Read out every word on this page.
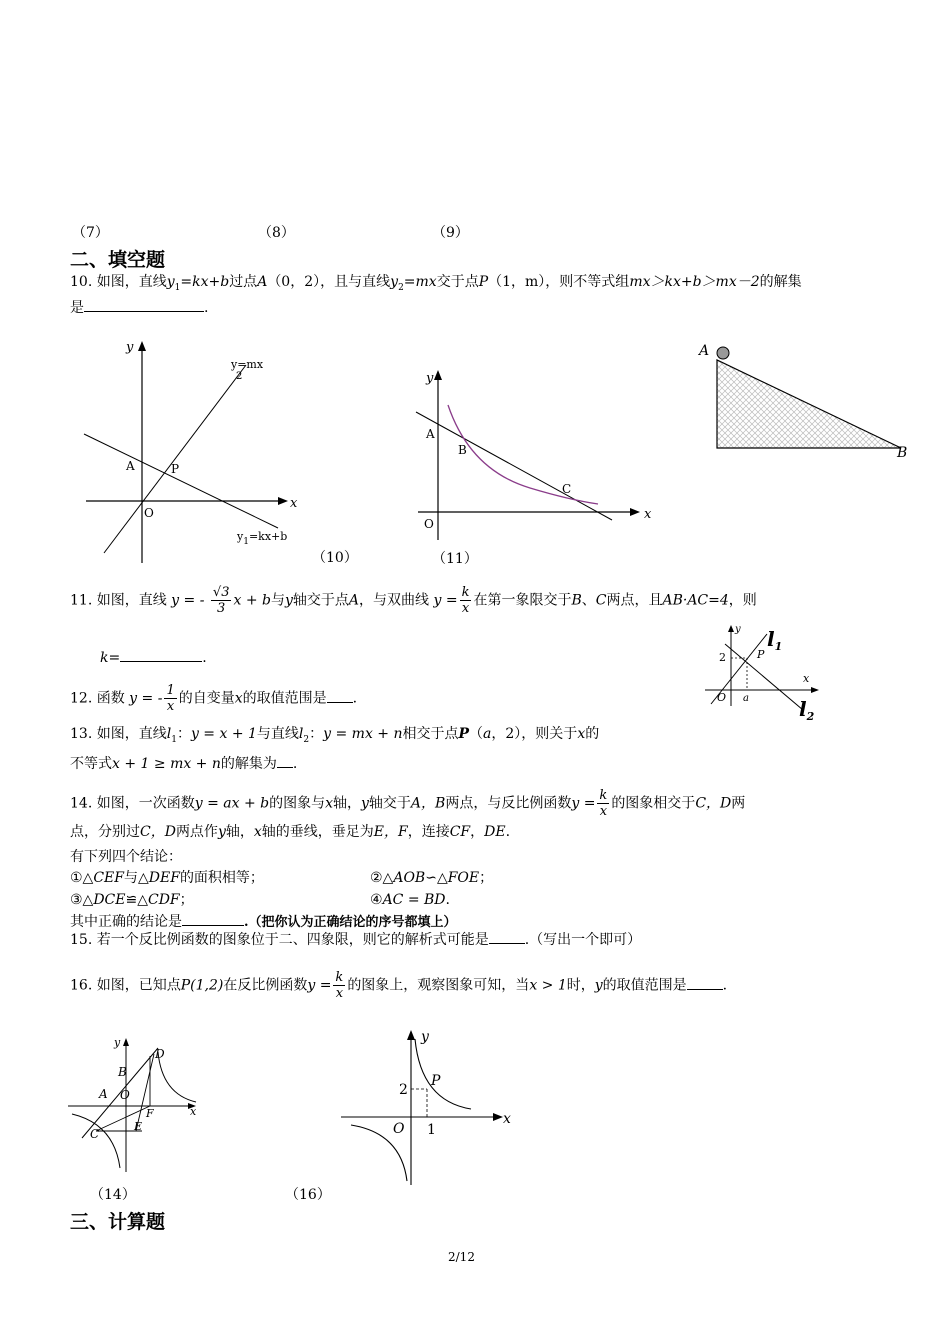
（7）	（8）	（9）
二、填空题
10. 如图，直线$y_1=kx+b$过点A（0，2），且与直线$y_2=mx$交于点P（1，m），则不等式组mx＞kx+b＞mx－2的解集
是	.
y
x
O
A	P
y=mx
2
$y_1=kx+b$
（10）
y
x
O
A
B
C
（11）
A
B
11. 如图，直线 y = - $\frac{√3}{3}$ x + b与y轴交于点A，与双曲线 $y = \frac{k}{x}$ 在第一象限交于B、C两点，且AB·AC=4，则
k=	.
y
x
2	P
O a
$l_1$
$l_2$
12. 函数 y = - $\frac{1}{x}$ 的自变量x的取值范围是 .
13. 如图，直线$l_1$：y = x + 1与直线$l_2$：y = mx + n相交于点P（a，2），则关于x的
不等式x + 1 ≥ mx + n的解集为 .
14. 如图，一次函数y = ax + b的图象与x轴，y轴交于A，B两点，与反比例函数$y = \frac{k}{x}$ 的图象相交于C，D两
点，分别过C，D两点作y轴，x轴的垂线，垂足为E，F，连接CF，DE.
有下列四个结论：
①△CEF与△DEF的面积相等；	②△AOB∽△FOE；
③△DCE≌△CDF；	④AC = BD.
其中正确的结论是	.（把你认为正确结论的序号都填上）
15. 若一个反比例函数的图象位于二、四象限，则它的解析式可能是	.（写出一个即可）
16. 如图，已知点P(1,2)在反比例函数$y = \frac{k}{x}$ 的图象上，观察图象可知，当x > 1时，y的取值范围是	.
y
x
D
B
A O
F
C
E
（14）
y
x
P
2
O 1
（16）
三、计算题
2/12
